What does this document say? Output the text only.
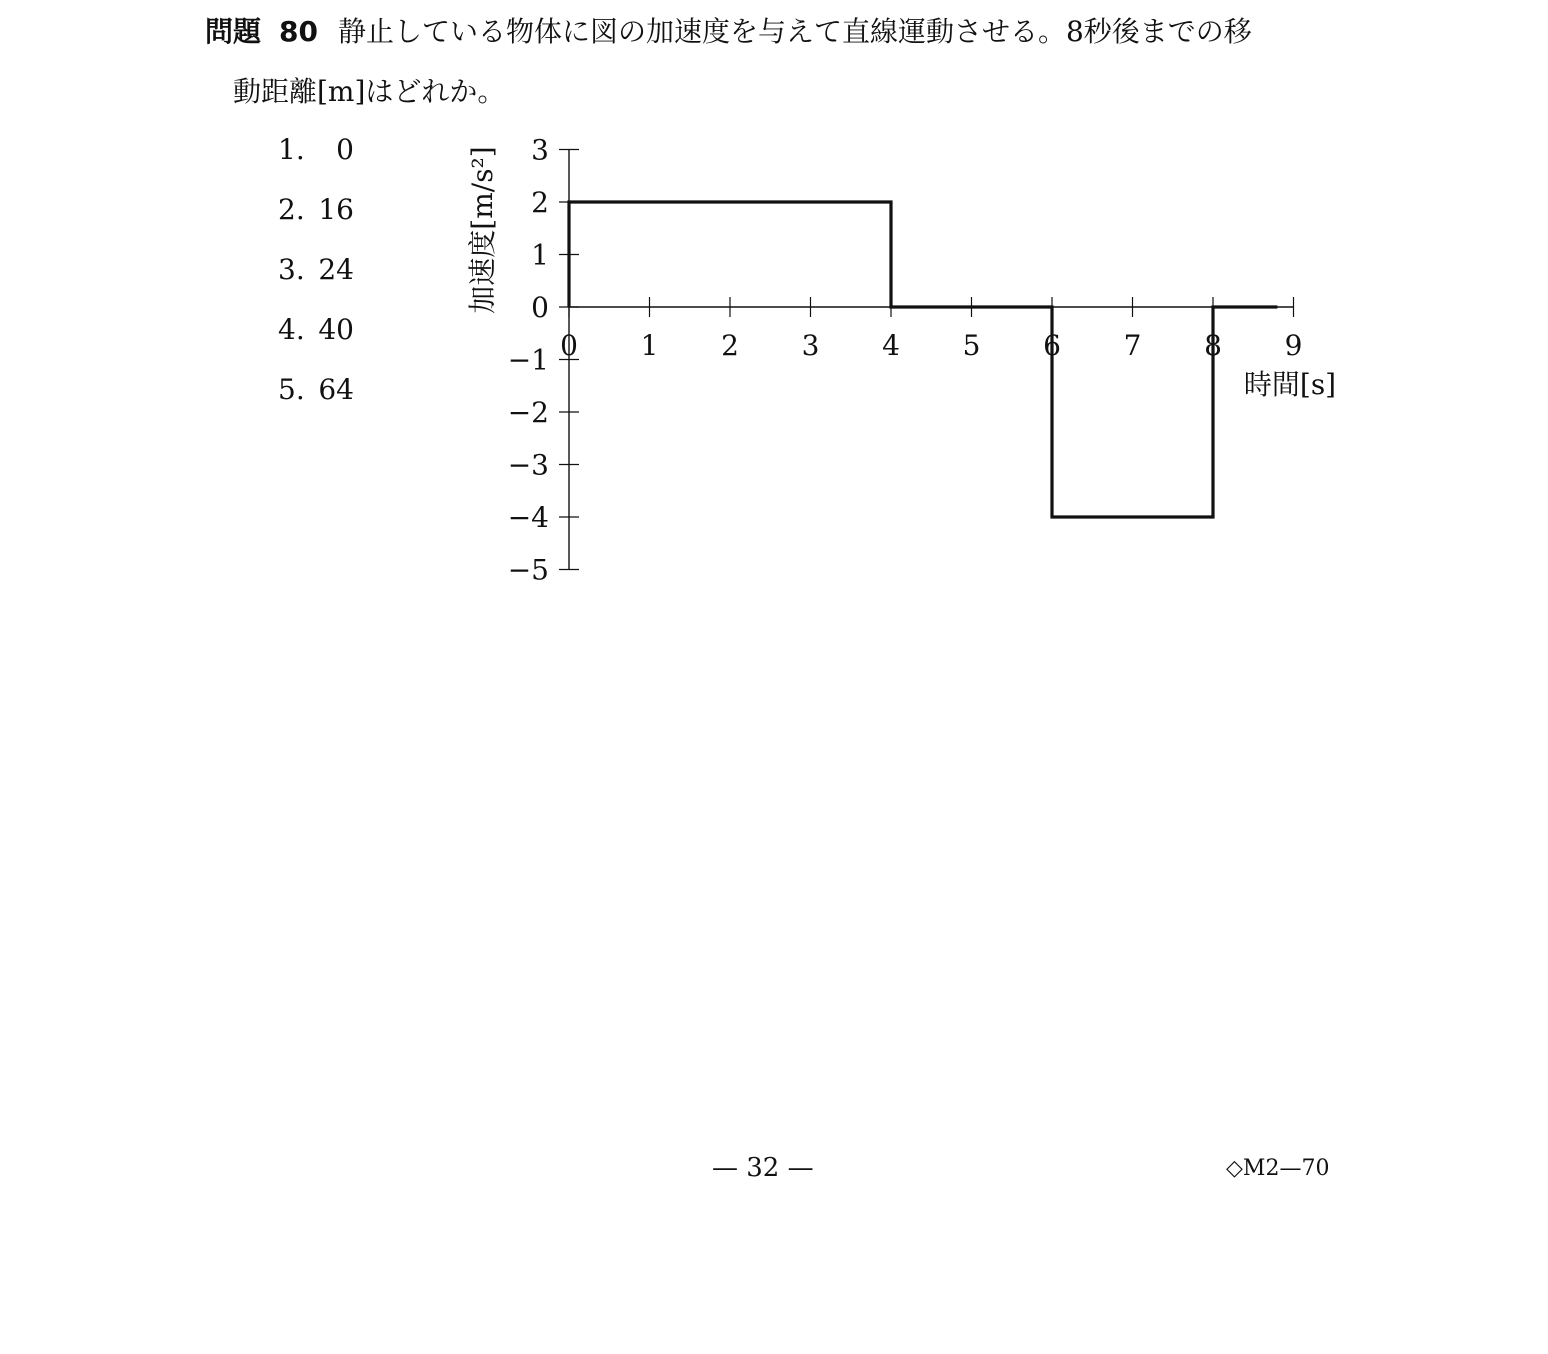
問題 80 静止している物体に図の加速度を与えて直線運動させる。8秒後までの移
動距離[m]はどれか。
1. 0
2. 16
3. 24
4. 40
5. 64
3
2
1
0
−1
−2
−3
−4
−5
0 1 2 3 4 5 6 7 8 9
加速度[m/s²]
時間[s]
— 32 —	◇M2—70
